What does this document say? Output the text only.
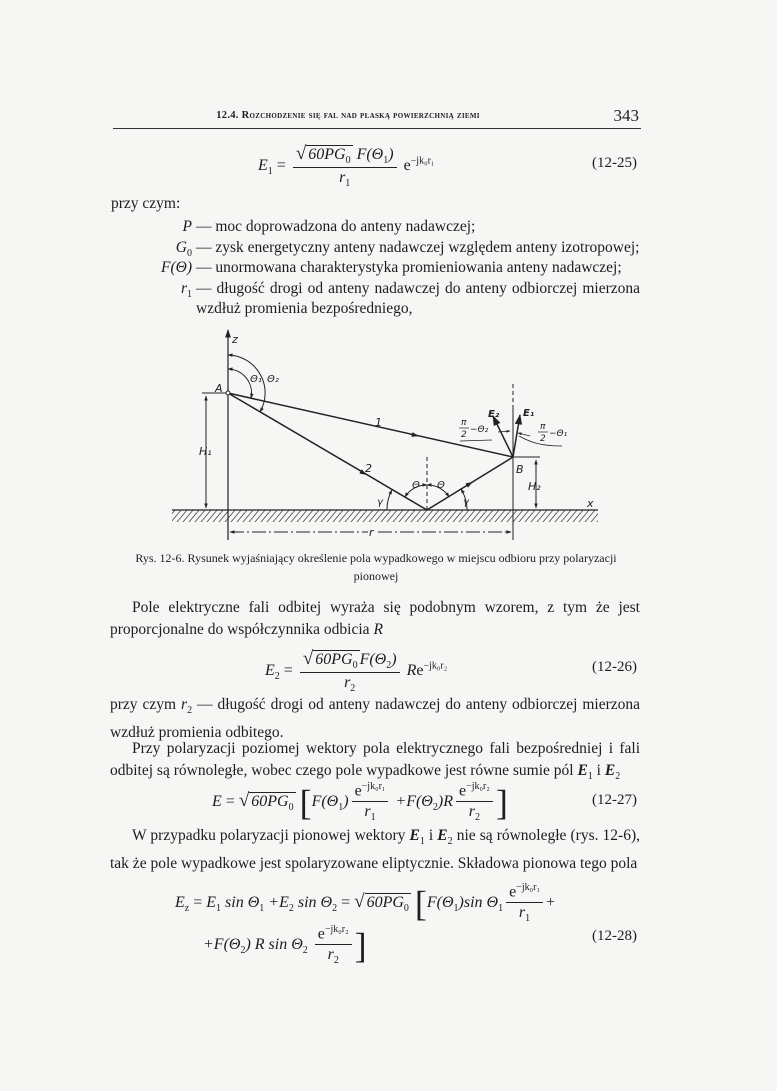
12.4. Rozchodzenie się fal nad płaską powierzchnią ziemi	343
$E_1 = \frac{√ 60PG_0 F(\Theta_1)}{r_1} e^{-jk_0r_1}$	(12-25)
przy czym:
P — moc doprowadzona do anteny nadawczej;
$G_0$ — zysk energetyczny anteny nadawczej względem anteny izotropowej;
F(Θ) — unormowana charakterystyka promieniowania anteny nadawczej;
$r_1$ — długość drogi od anteny nadawczej do anteny odbiorczej mierzona
wzdłuż promienia bezpośredniego,
z
x
A
B
H₁
H₂
r
1
2
Θ₁ Θ₂
Θ Θ
γ	γ
E₂ E₁
π
2 −Θ₂	π
2 −Θ₁
Rys. 12-6. Rysunek wyjaśniający określenie pola wypadkowego w miejscu odbioru przy polaryzacji
pionowej
Pole elektryczne fali odbitej wyraża się podobnym wzorem, z tym że jest proporcjonalne do współczynnika odbicia R
$E_2 = \frac{√ 60PG_0 F(\Theta_2)}{r_2} Re^{-jk_0r_2}$	(12-26)
przy czym $r_2$ — długość drogi od anteny nadawczej do anteny odbiorczej mierzona wzdłuż promienia odbitego.
Przy polaryzacji poziomej wektory pola elektrycznego fali bezpośredniej i fali odbitej są równoległe, wobec czego pole wypadkowe jest równe sumie pól $E_1$ i $E_2$
E = √ $60PG_0$ [$F(\Theta_1) \frac{e^{-jk_0r_1}}{r_1} +F(\Theta_2)R \frac{e^{-jk_0r_2}}{r_2}$ ]	(12-27)
W przypadku polaryzacji pionowej wektory $E_1$ i $E_2$ nie są równoległe (rys. 12-6), tak że pole wypadkowe jest spolaryzowane eliptycznie. Składowa pionowa tego pola
$E_z = E_1$ $\sin \Theta_1 +E_2$ $\sin \Theta_2$ = √ $60PG_0$ [$F(\Theta_1)\sin$ $\Theta_1 \frac{e^{-jk_0r_1}}{r_1}$ +
$+F(\Theta_2)$ R $\sin \Theta_2 \frac{e^{-jk_0r_2}}{r_2}$ ]	(12-28)
